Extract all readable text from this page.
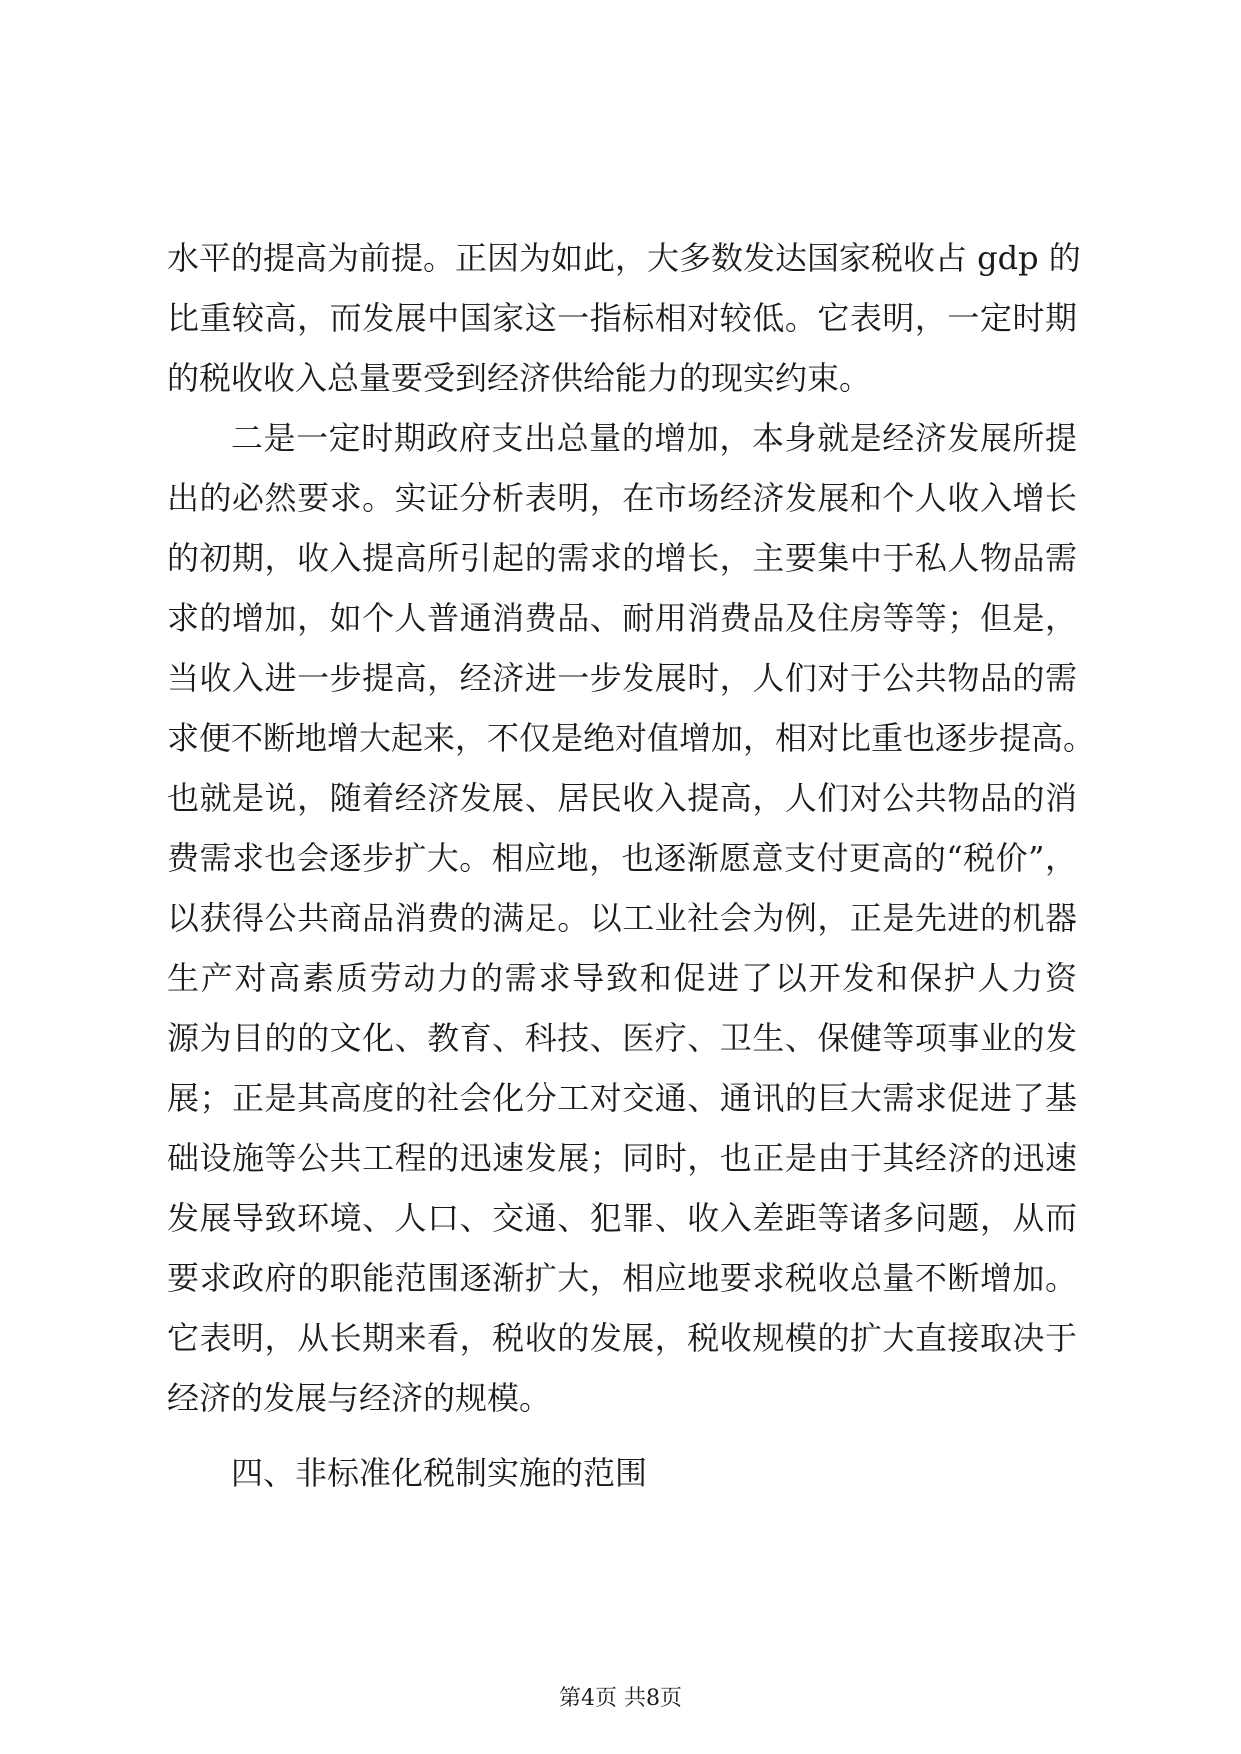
水平的提高为前提。正因为如此，大多数发达国家税收占 gdp 的
比重较高，而发展中国家这一指标相对较低。它表明，一定时期
的税收收入总量要受到经济供给能力的现实约束。
二是一定时期政府支出总量的增加，本身就是经济发展所提
出的必然要求。实证分析表明，在市场经济发展和个人收入增长
的初期，收入提高所引起的需求的增长，主要集中于私人物品需
求的增加，如个人普通消费品、耐用消费品及住房等等；但是，
当收入进一步提高，经济进一步发展时，人们对于公共物品的需
求便不断地增大起来，不仅是绝对值增加，相对比重也逐步提高。
也就是说，随着经济发展、居民收入提高，人们对公共物品的消
费需求也会逐步扩大。相应地，也逐渐愿意支付更高的“税价”，
以获得公共商品消费的满足。以工业社会为例，正是先进的机器
生产对高素质劳动力的需求导致和促进了以开发和保护人力资
源为目的的文化、教育、科技、医疗、卫生、保健等项事业的发
展；正是其高度的社会化分工对交通、通讯的巨大需求促进了基
础设施等公共工程的迅速发展；同时，也正是由于其经济的迅速
发展导致环境、人口、交通、犯罪、收入差距等诸多问题，从而
要求政府的职能范围逐渐扩大，相应地要求税收总量不断增加。
它表明，从长期来看，税收的发展，税收规模的扩大直接取决于
经济的发展与经济的规模。
四、非标准化税制实施的范围
第4页 共8页
